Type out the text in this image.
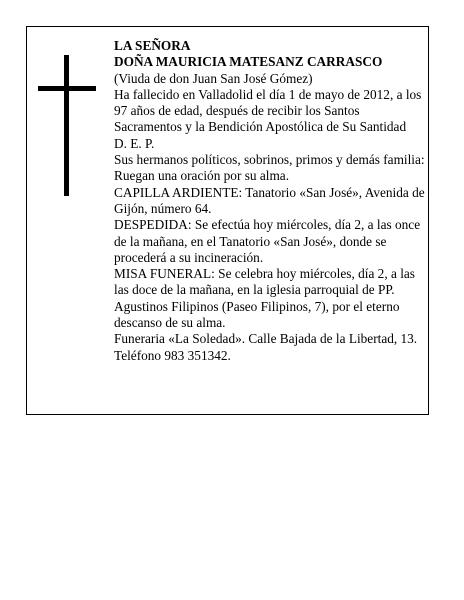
LA SEÑORA

DOÑA MAURICIA MATESANZ CARRASCO

(Viuda de don Juan San José Gómez)

Ha fallecido en Valladolid el día 1 de mayo de 2012, a los 97 años de edad, después de recibir los Santos Sacramentos y la Bendición Apostólica de Su Santidad

D. E. P.

Sus hermanos políticos, sobrinos, primos y demás familia:

Ruegan una oración por su alma.

CAPILLA ARDIENTE: Tanatorio «San José», Avenida de Gijón, número 64.

DESPEDIDA: Se efectúa hoy miércoles, día 2, a las once de la mañana, en el Tanatorio «San José», donde se procederá a su incineración.

MISA FUNERAL: Se celebra hoy miércoles, día 2, a las las doce de la mañana, en la iglesia parroquial de PP. Agustinos Filipinos (Paseo Filipinos, 7), por el eterno descanso de su alma.

Funeraria «La Soledad». Calle Bajada de la Libertad, 13. Teléfono 983 351342.
